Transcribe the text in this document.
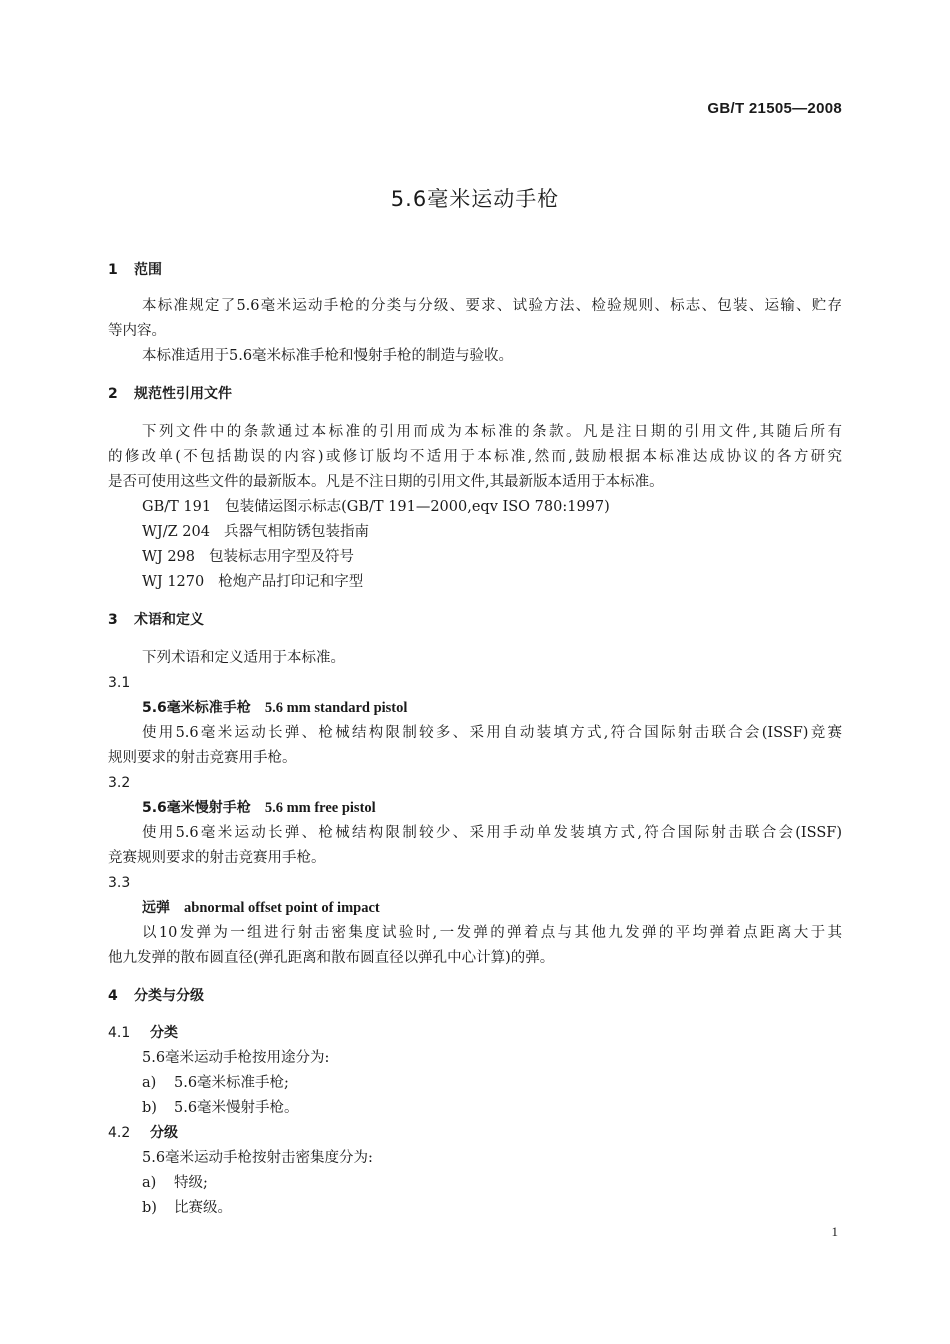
GB/T 21505—2008
5.6毫米运动手枪
1 范围
本标准规定了5.6毫米运动手枪的分类与分级、要求、试验方法、检验规则、标志、包装、运输、贮存
等内容。
本标准适用于5.6毫米标准手枪和慢射手枪的制造与验收。
2 规范性引用文件
下列文件中的条款通过本标准的引用而成为本标准的条款。凡是注日期的引用文件,其随后所有
的修改单(不包括勘误的内容)或修订版均不适用于本标准,然而,鼓励根据本标准达成协议的各方研究
是否可使用这些文件的最新版本。凡是不注日期的引用文件,其最新版本适用于本标准。
GB/T 191 包装储运图示标志(GB/T 191—2000,eqv ISO 780:1997)
WJ/Z 204 兵器气相防锈包装指南
WJ 298 包装标志用字型及符号
WJ 1270 枪炮产品打印记和字型
3 术语和定义
下列术语和定义适用于本标准。
3.1
5.6毫米标准手枪 5.6 mm standard pistol
使用5.6毫米运动长弹、枪械结构限制较多、采用自动装填方式,符合国际射击联合会(ISSF)竞赛
规则要求的射击竞赛用手枪。
3.2
5.6毫米慢射手枪 5.6 mm free pistol
使用5.6毫米运动长弹、枪械结构限制较少、采用手动单发装填方式,符合国际射击联合会(ISSF)
竞赛规则要求的射击竞赛用手枪。
3.3
远弹 abnormal offset point of impact
以10发弹为一组进行射击密集度试验时,一发弹的弹着点与其他九发弹的平均弹着点距离大于其
他九发弹的散布圆直径(弹孔距离和散布圆直径以弹孔中心计算)的弹。
4 分类与分级
4.1 分类
5.6毫米运动手枪按用途分为:
a) 5.6毫米标准手枪;
b) 5.6毫米慢射手枪。
4.2 分级
5.6毫米运动手枪按射击密集度分为:
a) 特级;
b) 比赛级。
1
